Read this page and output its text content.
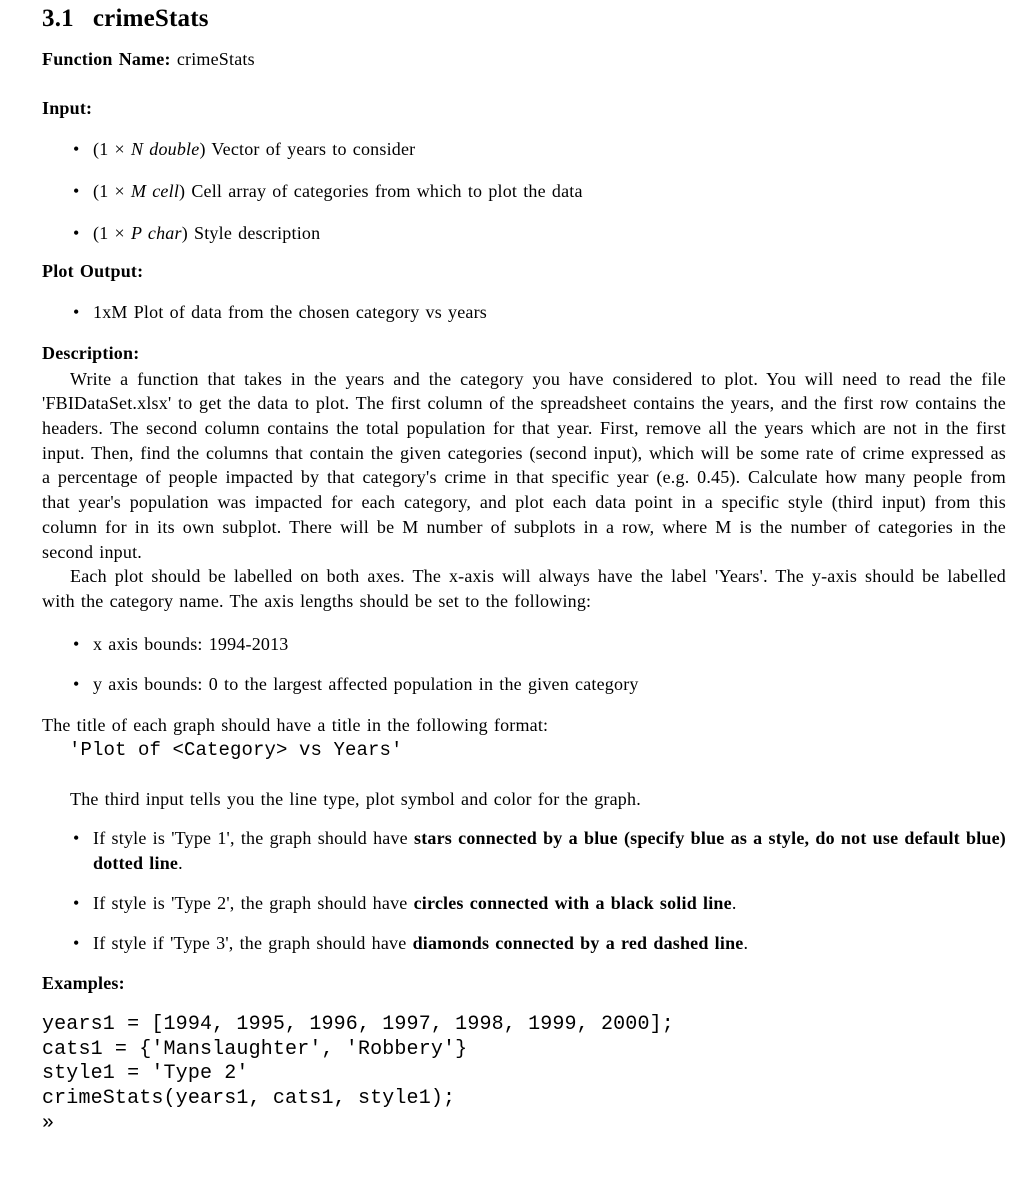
3.1 crimeStats

Function Name: crimeStats

Input:

• (1 × N double) Vector of years to consider
• (1 × M cell) Cell array of categories from which to plot the data
• (1 × P char) Style description

Plot Output:

• 1xM Plot of data from the chosen category vs years

Description:

Write a function that takes in the years and the category you have considered to plot. You will need to read the file 'FBIDataSet.xlsx' to get the data to plot. The first column of the spreadsheet contains the years, and the first row contains the headers. The second column contains the total population for that year. First, remove all the years which are not in the first input. Then, find the columns that contain the given categories (second input), which will be some rate of crime expressed as a percentage of people impacted by that category's crime in that specific year (e.g. 0.45). Calculate how many people from that year's population was impacted for each category, and plot each data point in a specific style (third input) from this column for in its own subplot. There will be M number of subplots in a row, where M is the number of categories in the second input.

Each plot should be labelled on both axes. The x-axis will always have the label 'Years'. The y-axis should be labelled with the category name. The axis lengths should be set to the following:

• x axis bounds: 1994-2013
• y axis bounds: 0 to the largest affected population in the given category

The title of each graph should have a title in the following format:

'Plot of <Category> vs Years'

The third input tells you the line type, plot symbol and color for the graph.

• If style is 'Type 1', the graph should have stars connected by a blue (specify blue as a style, do not use default blue) dotted line.
• If style is 'Type 2', the graph should have circles connected with a black solid line.
• If style if 'Type 3', the graph should have diamonds connected by a red dashed line.

Examples:

years1 = [1994, 1995, 1996, 1997, 1998, 1999, 2000];
cats1 = {'Manslaughter', 'Robbery'}
style1 = 'Type 2'
crimeStats(years1, cats1, style1);
»
